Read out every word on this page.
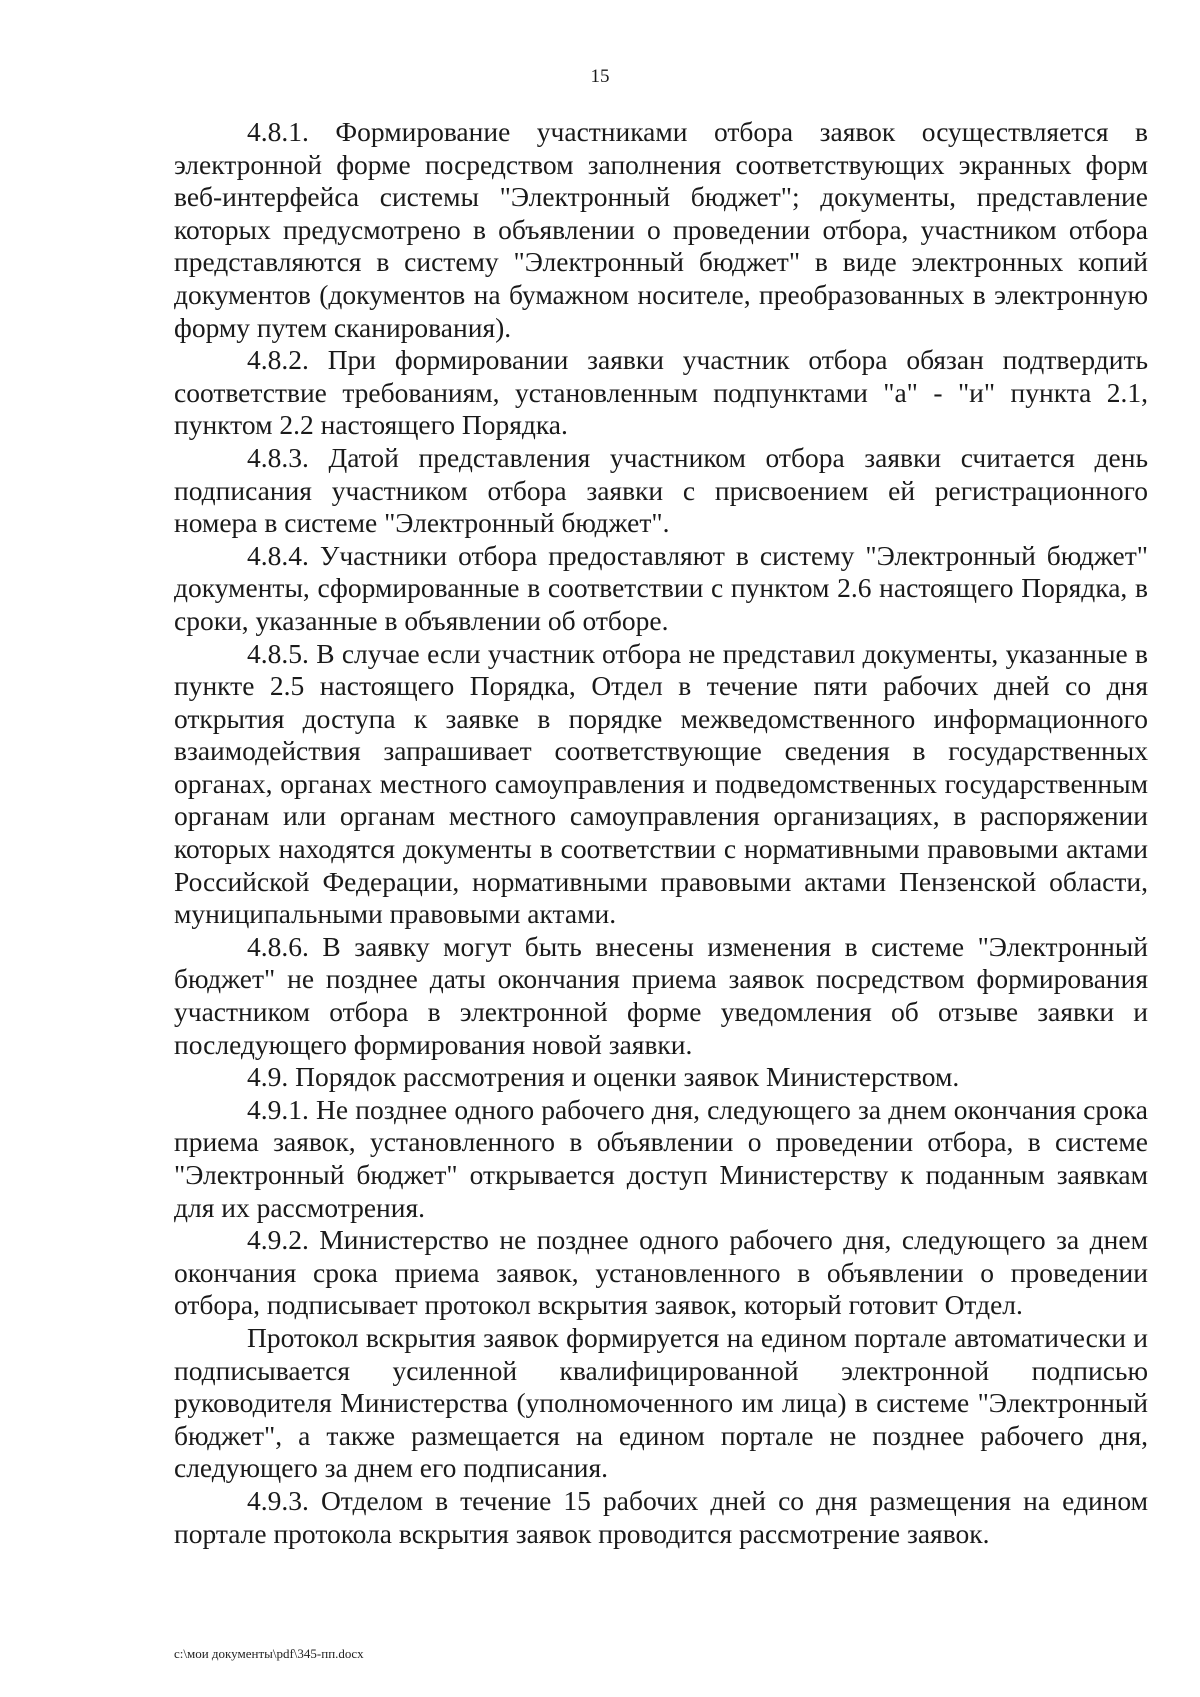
15

4.8.1. Формирование участниками отбора заявок осуществляется в электронной форме посредством заполнения соответствующих экранных форм веб-интерфейса системы "Электронный бюджет"; документы, представление которых предусмотрено в объявлении о проведении отбора, участником отбора представляются в систему "Электронный бюджет" в виде электронных копий документов (документов на бумажном носителе, преобразованных в электронную форму путем сканирования).

4.8.2. При формировании заявки участник отбора обязан подтвердить соответствие требованиям, установленным подпунктами "а" - "и" пункта 2.1, пунктом 2.2 настоящего Порядка.

4.8.3. Датой представления участником отбора заявки считается день подписания участником отбора заявки с присвоением ей регистрационного номера в системе "Электронный бюджет".

4.8.4. Участники отбора предоставляют в систему "Электронный бюджет" документы, сформированные в соответствии с пунктом 2.6 настоящего Порядка, в сроки, указанные в объявлении об отборе.

4.8.5. В случае если участник отбора не представил документы, указанные в пункте 2.5 настоящего Порядка, Отдел в течение пяти рабочих дней со дня открытия доступа к заявке в порядке межведомственного информационного взаимодействия запрашивает соответствующие сведения в государственных органах, органах местного самоуправления и подведомственных государственным органам или органам местного самоуправления организациях, в распоряжении которых находятся документы в соответствии с нормативными правовыми актами Российской Федерации, нормативными правовыми актами Пензенской области, муниципальными правовыми актами.

4.8.6. В заявку могут быть внесены изменения в системе "Электронный бюджет" не позднее даты окончания приема заявок посредством формирования участником отбора в электронной форме уведомления об отзыве заявки и последующего формирования новой заявки.

4.9. Порядок рассмотрения и оценки заявок Министерством.

4.9.1. Не позднее одного рабочего дня, следующего за днем окончания срока приема заявок, установленного в объявлении о проведении отбора, в системе "Электронный бюджет" открывается доступ Министерству к поданным заявкам для их рассмотрения.

4.9.2. Министерство не позднее одного рабочего дня, следующего за днем окончания срока приема заявок, установленного в объявлении о проведении отбора, подписывает протокол вскрытия заявок, который готовит Отдел.

Протокол вскрытия заявок формируется на едином портале автоматически и подписывается усиленной квалифицированной электронной подписью руководителя Министерства (уполномоченного им лица) в системе "Электронный бюджет", а также размещается на едином портале не позднее рабочего дня, следующего за днем его подписания.

4.9.3. Отделом в течение 15 рабочих дней со дня размещения на едином портале протокола вскрытия заявок проводится рассмотрение заявок.

c:\мои документы\pdf\345-пп.docx
